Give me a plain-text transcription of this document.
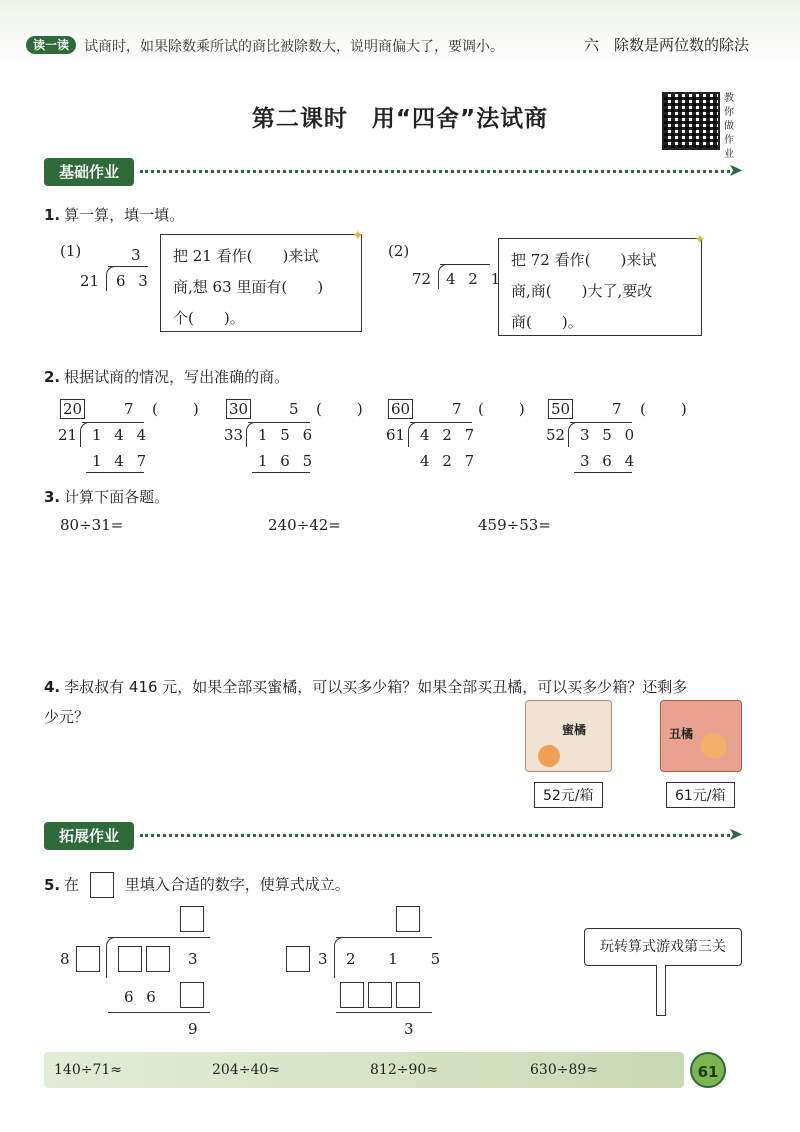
读一读	试商时，如果除数乘所试的商比被除数大，说明商偏大了，要调小。	六　除数是两位数的除法
第二课时　用“四舍”法试商
教你做作业
基础作业	➤
1. 算一算，填一填。
(1)	3
21 6 3
把 21 看作(　　)来试
商,想 63 里面有(　　)
个(　　)。
✦
(2)
72 4 2 1
把 72 看作(　　)来试
商,商(　　)大了,要改
商(　　)。
✦
2. 根据试商的情况，写出准确的商。
20	7 (　)
21 1 4 4
1 4 7
30	5 (　)
33 1 5 6
1 6 5
60	7 (　)
61 4 2 7
4 2 7
50	7 (　)
52 3 5 0
3 6 4
3. 计算下面各题。
80÷31=	240÷42=	459÷53=
4. 李叔叔有 416 元，如果全部买蜜橘，可以买多少箱？如果全部买丑橘，可以买多少箱？还剩多
少元？
蜜橘
52元/箱
丑橘
61元/箱
拓展作业	➤
5. 在	里填入合适的数字，使算式成立。
8	3
6 6
9
3 2 1 5
3
玩转算式游戏第三关
140÷71≈	204÷40≈	812÷90≈	630÷89≈	61
